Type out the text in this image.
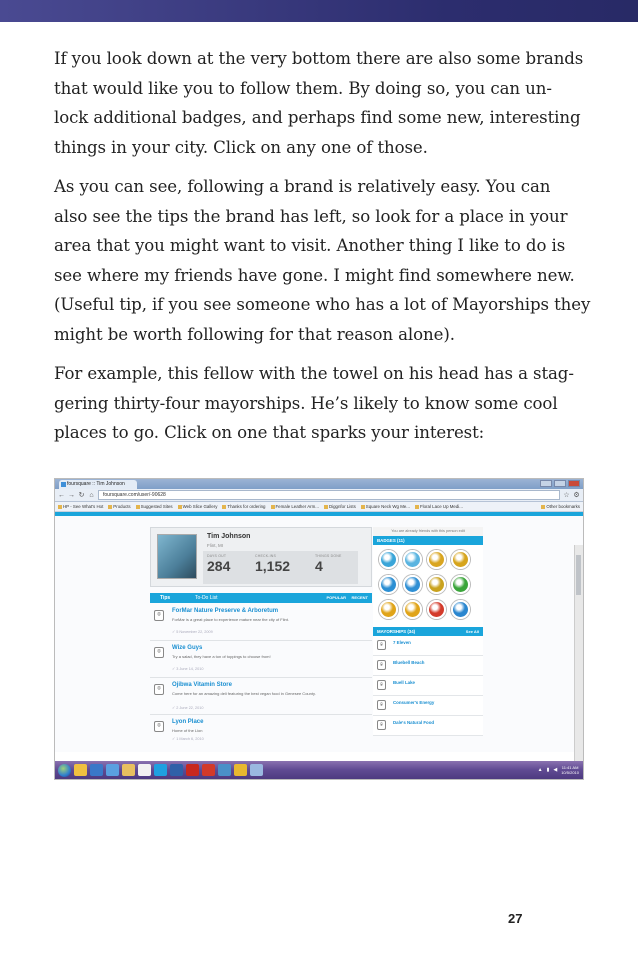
If you look down at the very bottom there are also some brands
that would like you to follow them. By doing so, you can un-
lock additional badges, and perhaps find some new, interesting
things in your city. Click on any one of those.
As you can see, following a brand is relatively easy. You can
also see the tips the brand has left, so look for a place in your
area that you might want to visit. Another thing I like to do is
see where my friends have gone. I might find somewhere new.
(Useful tip, if you see someone who has a lot of Mayorships they
might be worth following for that reason alone).
For example, this fellow with the towel on his head has a stag-
gering thirty-four mayorships. He’s likely to know some cool
places to go. Click on one that sparks your interest:
foursquare :: Tim Johnson
← → ↻ ⌂	foursquare.com/user/-90628	☆ ⚙
HP - See What's Hot Products Suggested Sites Web Slice Gallery Thanks for ordering Female Leather Arm... Diggnfor Lists Square Neck Wg Me... Floral Lace Up Medi...	Other bookmarks
Tim Johnson
Flint, MI
DAYS OUT
284
CHECK-INS
1,152
THINGS DONE
4
Tips	To-Do List	POPULAR RECENT
⌾
ForMar Nature Preserve & Arboretum
ForMar is a great place to experience mature near the city of Flint.
✓ 5 November 22, 2009
⌾
Wize Guys
Try a salad, they have a ton of toppings to choose from!
✓ 3 June 14, 2010
⌾
Ojibwa Vitamin Store
Come here for an amazing deli featuring the best vegan food in Genesee County.
✓ 2 June 22, 2010
⌾
Lyon Place
Home of the Lion
✓ 1 March 6, 2010
You are already friends with this person edit
BADGES (11)
MAYORSHIPS (34)	See All
⌾	7 Eleven
⌾	Bluebell Beach
⌾	Buell Lake
⌾	Consumer's Energy
⌾	Dale's Natural Food
▲ ▮ ◀ 11:41 AM
10/5/2010
27
